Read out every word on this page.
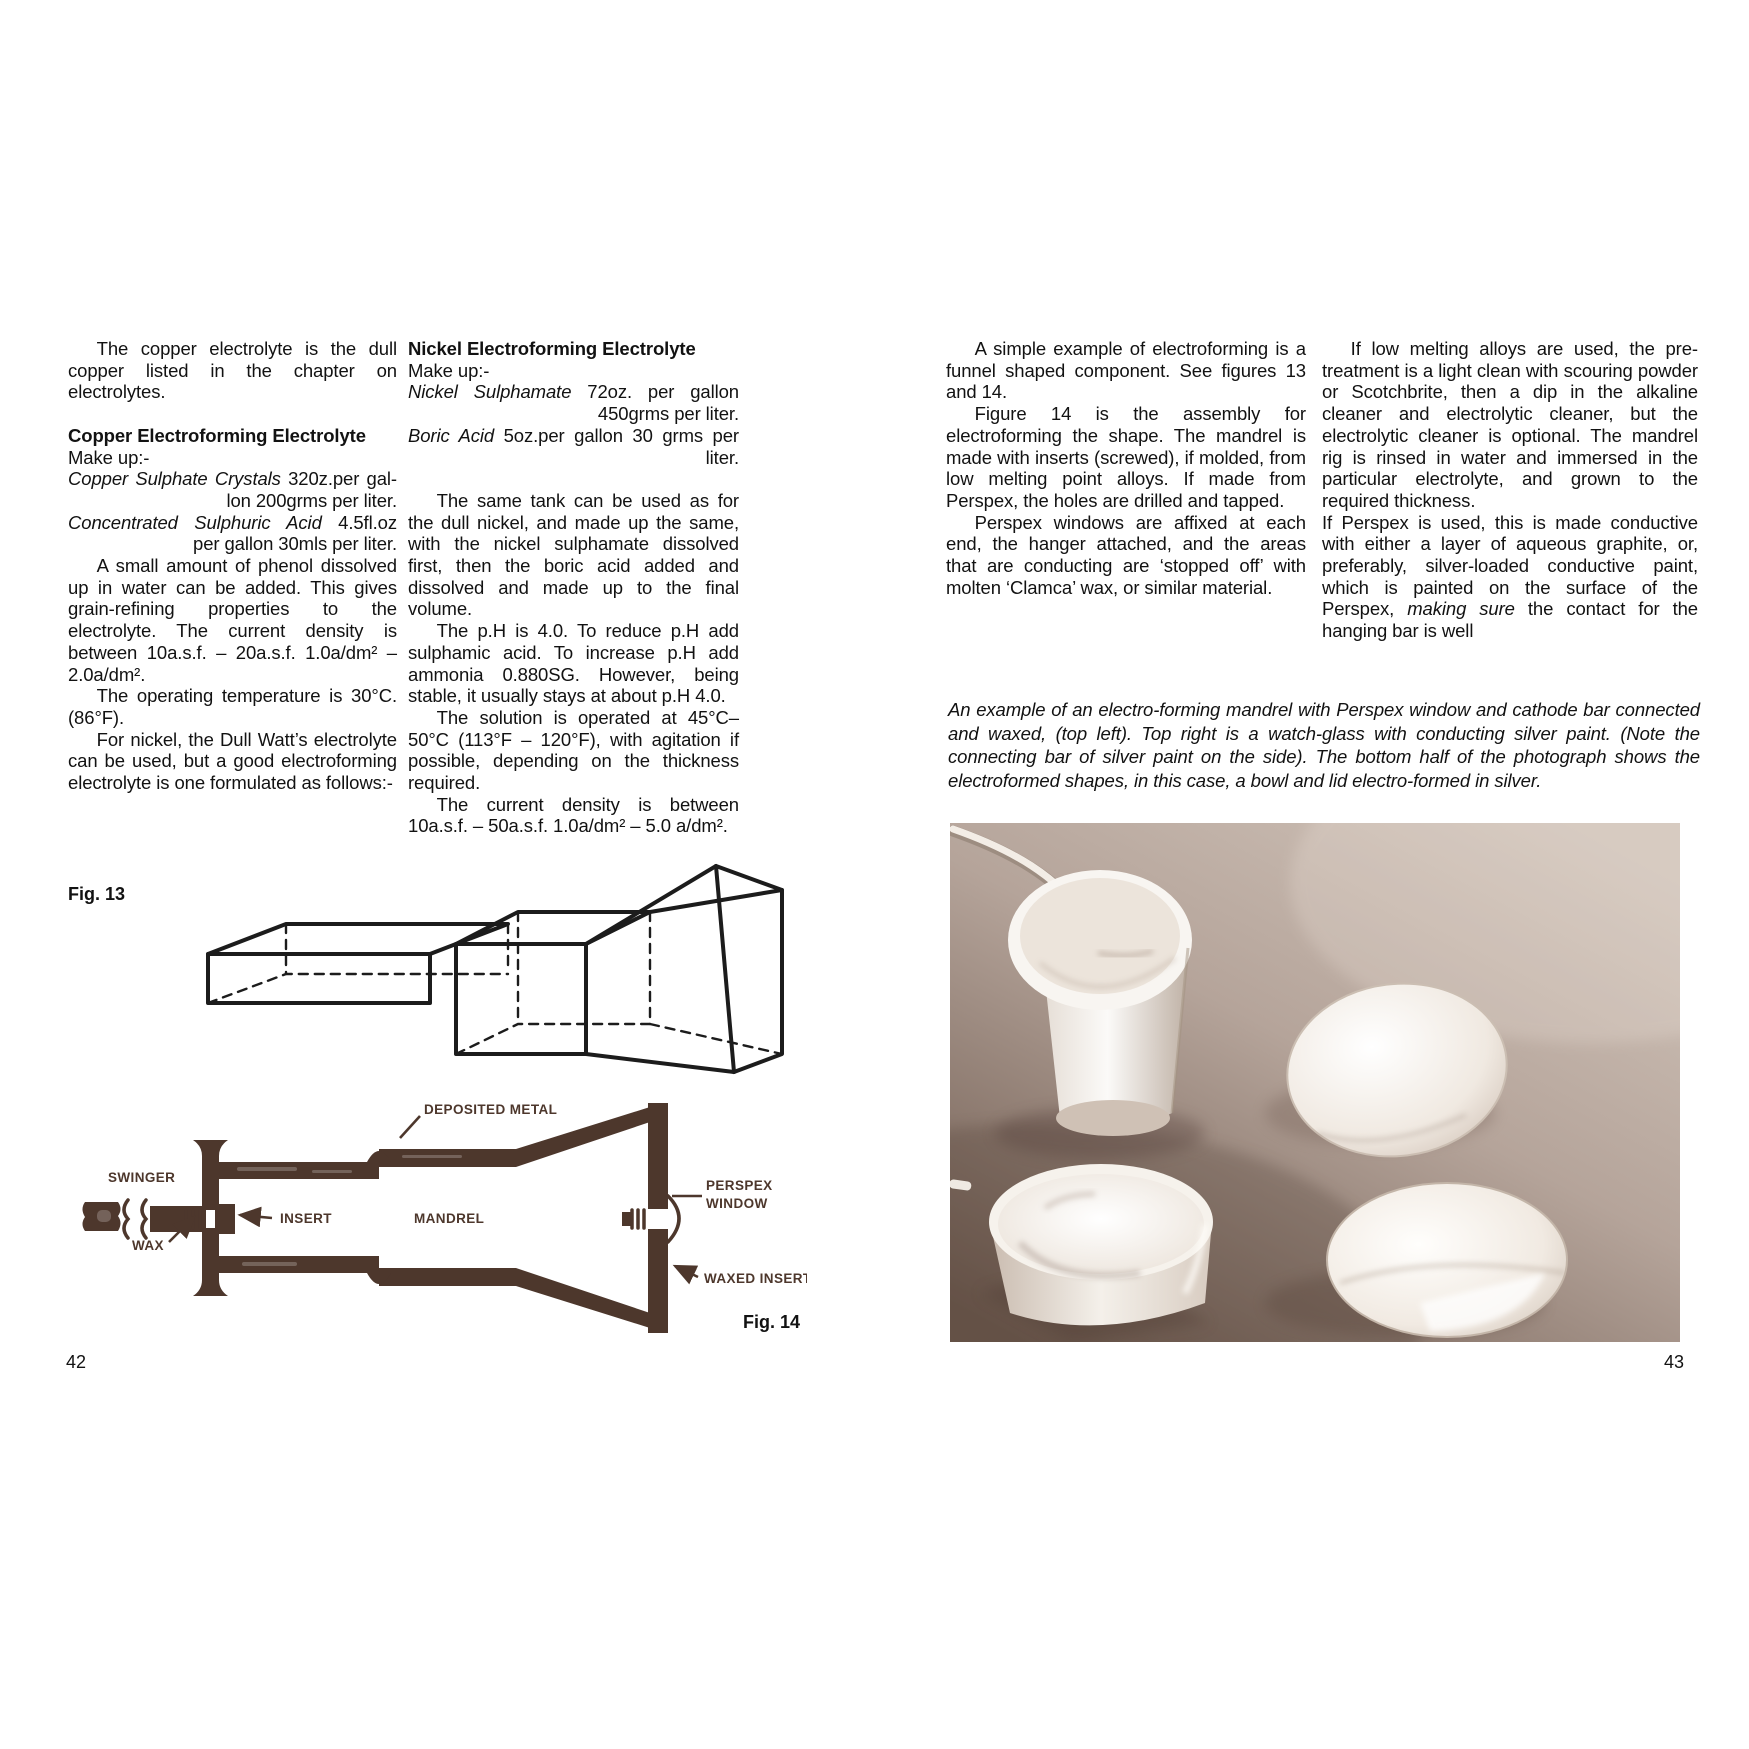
The copper electrolyte is the dull copper listed in the chapter on electrolytes.
Copper Electroforming Electrolyte
Make up:-
Copper Sulphate Crystals 320z.per gal-
lon 200grms per liter.
Concentrated Sulphuric Acid 4.5fl.oz
per gallon 30mls per liter.
A small amount of phenol dissolved up in water can be added. This gives grain-refining properties to the electrolyte. The current density is between 10a.s.f. – 20a.s.f. 1.0a/dm² – 2.0a/dm².
The operating temperature is 30°C. (86°F).
For nickel, the Dull Watt’s electrolyte can be used, but a good electroforming electrolyte is one formulated as follows:-
Nickel Electroforming Electrolyte
Make up:-
Nickel Sulphamate 72oz. per gallon
450grms per liter.
Boric Acid 5oz.per gallon 30 grms per
liter.
The same tank can be used as for the dull nickel, and made up the same, with the nickel sulphamate dissolved first, then the boric acid added and dissolved and made up to the final volume.
The p.H is 4.0. To reduce p.H add sulphamic acid. To increase p.H add ammonia 0.880SG. However, being stable, it usually stays at about p.H 4.0.
The solution is operated at 45°C–50°C (113°F – 120°F), with agitation if possible, depending on the thickness required.
The current density is between 10a.s.f. – 50a.s.f. 1.0a/dm² – 5.0 a/dm².
A simple example of electroforming is a funnel shaped component. See figures 13 and 14.
Figure 14 is the assembly for electroforming the shape. The mandrel is made with inserts (screwed), if molded, from low melting point alloys. If made from Perspex, the holes are drilled and tapped.
Perspex windows are affixed at each end, the hanger attached, and the areas that are conducting are ‘stopped off’ with molten ‘Clamca’ wax, or similar material.
If low melting alloys are used, the pre-treatment is a light clean with scouring powder or Scotchbrite, then a dip in the alkaline cleaner and electrolytic cleaner, but the electrolytic cleaner is optional. The mandrel rig is rinsed in water and immersed in the particular electrolyte, and grown to the required thickness.
If Perspex is used, this is made conductive with either a layer of aqueous graphite, or, preferably, silver-loaded conductive paint, which is painted on the surface of the Perspex, making sure the contact for the hanging bar is well
Fig. 13
SWINGER
WAX
INSERT	MANDREL
DEPOSITED METAL
PERSPEX
WINDOW
WAXED INSERT
Fig. 14
An example of an electro-forming mandrel with Perspex window and cathode bar connected and waxed, (top left). Top right is a watch-glass with conducting silver paint. (Note the connecting bar of silver paint on the side). The bottom half of the photograph shows the electroformed shapes, in this case, a bowl and lid electro-formed in silver.
42	43
